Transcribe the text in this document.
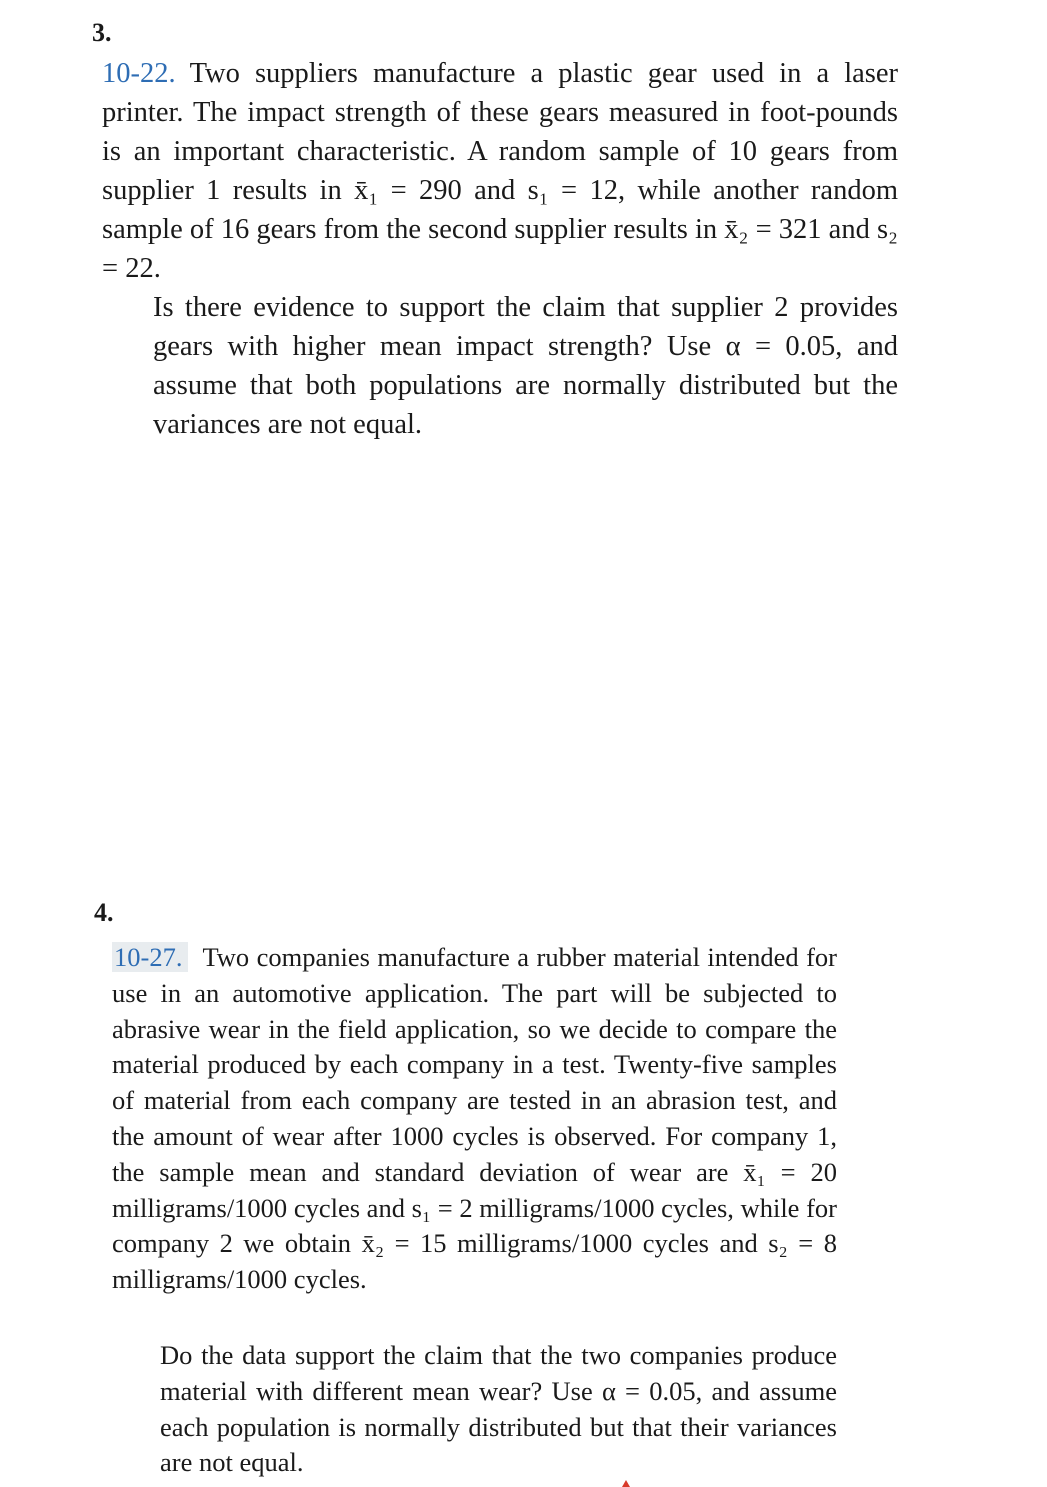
3.
10-22. Two suppliers manufacture a plastic gear used in a laser printer. The impact strength of these gears measured in foot-pounds is an important characteristic. A random sample of 10 gears from supplier 1 results in x̄₁ = 290 and s₁ = 12, while another random sample of 16 gears from the second supplier results in x̄₂ = 321 and s₂ = 22.
Is there evidence to support the claim that supplier 2 provides gears with higher mean impact strength? Use α = 0.05, and assume that both populations are normally distributed but the variances are not equal.
4.
10-27. Two companies manufacture a rubber material intended for use in an automotive application. The part will be subjected to abrasive wear in the field application, so we decide to compare the material produced by each company in a test. Twenty-five samples of material from each company are tested in an abrasion test, and the amount of wear after 1000 cycles is observed. For company 1, the sample mean and standard deviation of wear are x̄₁ = 20 milligrams/1000 cycles and s₁ = 2 milligrams/1000 cycles, while for company 2 we obtain x̄₂ = 15 milligrams/1000 cycles and s₂ = 8 milligrams/1000 cycles.
Do the data support the claim that the two companies produce material with different mean wear? Use α = 0.05, and assume each population is normally distributed but that their variances are not equal.
